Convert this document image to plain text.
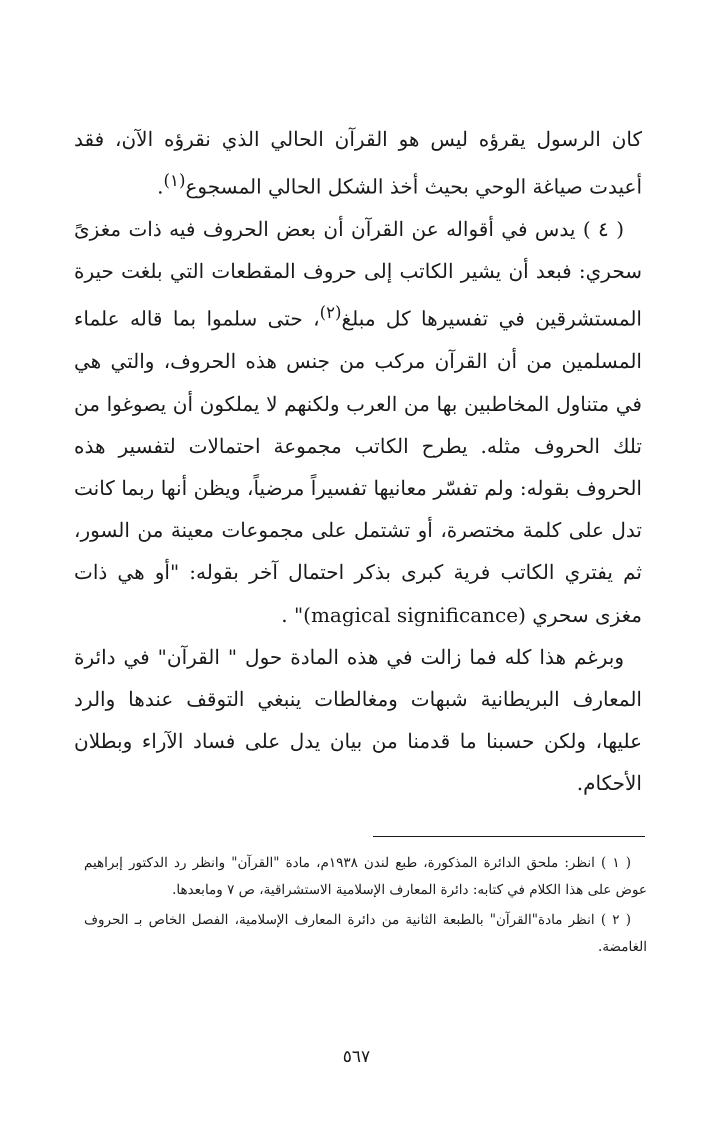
كان الرسول يقرؤه ليس هو القرآن الحالي الذي نقرؤه الآن، فقد أعيدت صياغة الوحي بحيث أخذ الشكل الحالي المسجوع$^{(١)}$.

( ٤ ) يدس في أقواله عن القرآن أن بعض الحروف فيه ذات مغزىً سحري: فبعد أن يشير الكاتب إلى حروف المقطعات التي بلغت حيرة المستشرقين في تفسيرها كل مبلغ$^{(٢)}$، حتى سلموا بما قاله علماء المسلمين من أن القرآن مركب من جنس هذه الحروف، والتي هي في متناول المخاطبين بها من العرب ولكنهم لا يملكون أن يصوغوا من تلك الحروف مثله. يطرح الكاتب مجموعة احتمالات لتفسير هذه الحروف بقوله: ولم تفسّر معانيها تفسيراً مرضياً، ويظن أنها ربما كانت تدل على كلمة مختصرة، أو تشتمل على مجموعات معينة من السور، ثم يفتري الكاتب فرية كبرى بذكر احتمال آخر بقوله: "أو هي ذات مغزى سحري (magical significance)" .

وبرغم هذا كله فما زالت في هذه المادة حول " القرآن" في دائرة المعارف البريطانية شبهات ومغالطات ينبغي التوقف عندها والرد عليها، ولكن حسبنا ما قدمنا من بيان يدل على فساد الآراء وبطلان الأحكام.

( ١ ) انظر: ملحق الدائرة المذكورة، طبع لندن ١٩٣٨م، مادة "القرآن" وانظر رد الدكتور إبراهيم عوض على هذا الكلام في كتابه: دائرة المعارف الإسلامية الاستشراقية، ص ٧ ومابعدها.

( ٢ ) انظر مادة"القرآن" بالطبعة الثانية من دائرة المعارف الإسلامية، الفصل الخاص بـ الحروف الغامضة.

٥٦٧
